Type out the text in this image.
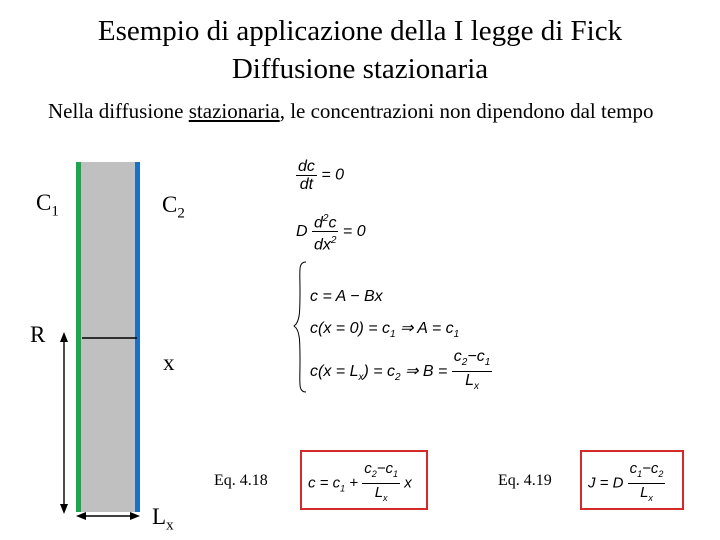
Esempio di applicazione della I legge di Fick
Diffusione stazionaria
Nella diffusione stazionaria, le concentrazioni non dipendono dal tempo
$C_1$	$C_2$
R
x
$L_x$
$\frac{dc}{dt} = 0$
D $\frac{d^2c}{dx^2} = 0$
c = A − Bx
$c(x = 0) = c_1$ ⇒ $A = c_1$
$c(x = L_x) = c_2$ ⇒ $B = \frac{c_2-c_1}{L_x}$
Eq. 4.18	$c = c_1 + \frac{c_2-c_1}{L_x}$ x	Eq. 4.19 J = D $\frac{c_1-c_2}{L_x}$
